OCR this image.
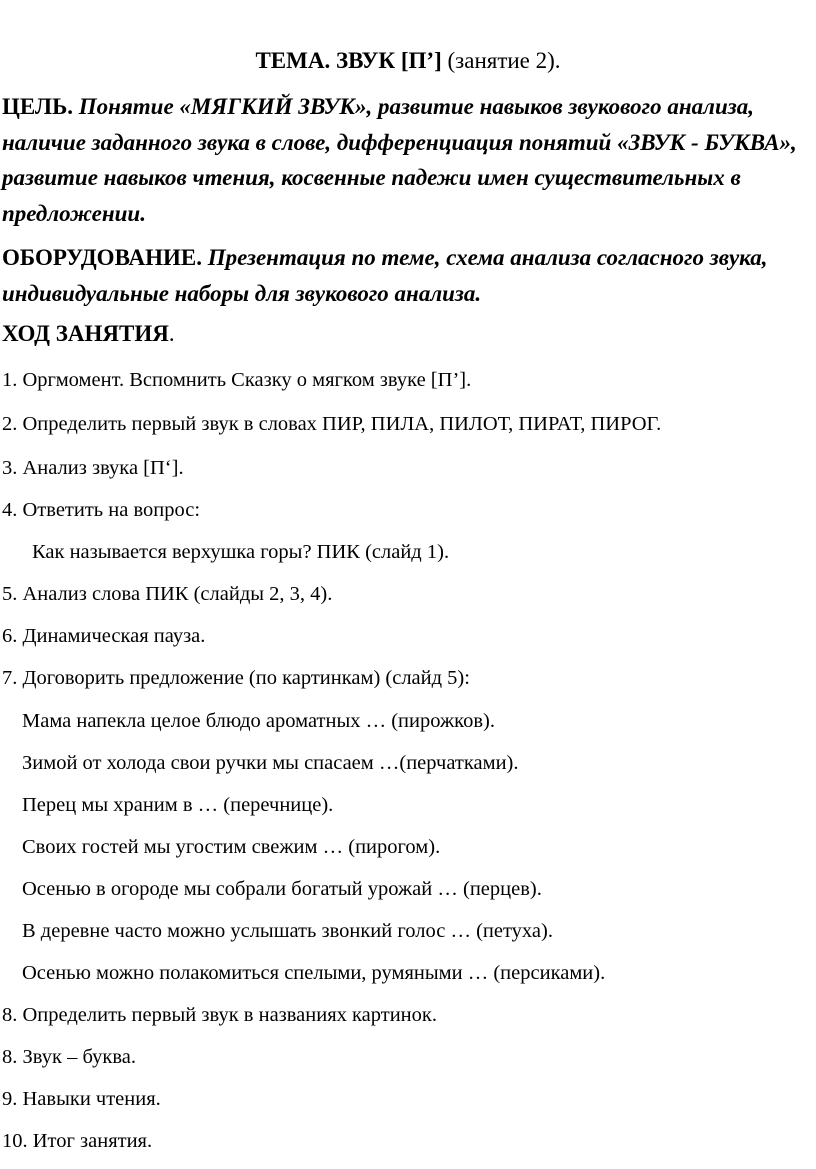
ТЕМА. ЗВУК [П’] (занятие 2).
ЦЕЛЬ. Понятие «МЯГКИЙ ЗВУК», развитие навыков звукового анализа, наличие заданного звука в слове, дифференциация понятий «ЗВУК - БУКВА», развитие навыков чтения, косвенные падежи имен существительных в предложении.
ОБОРУДОВАНИЕ. Презентация по теме, схема анализа согласного звука, индивидуальные наборы для звукового анализа.
ХОД ЗАНЯТИЯ.
1. Оргмомент. Вспомнить Сказку о мягком звуке [П’].
2. Определить первый звук в словах ПИР, ПИЛА, ПИЛОТ, ПИРАТ, ПИРОГ.
3. Анализ звука [П‘].
4. Ответить на вопрос:
Как называется верхушка горы? ПИК (слайд 1).
5. Анализ слова ПИК (слайды 2, 3, 4).
6. Динамическая пауза.
7. Договорить предложение (по картинкам) (слайд 5):
Мама напекла целое блюдо ароматных … (пирожков).
Зимой от холода свои ручки мы спасаем …(перчатками).
Перец мы храним в … (перечнице).
Своих гостей мы угостим свежим … (пирогом).
Осенью в огороде мы собрали богатый урожай … (перцев).
В деревне часто можно услышать звонкий голос … (петуха).
Осенью можно полакомиться спелыми, румяными … (персиками).
8. Определить первый звук в названиях картинок.
8. Звук – буква.
9. Навыки чтения.
10. Итог занятия.
